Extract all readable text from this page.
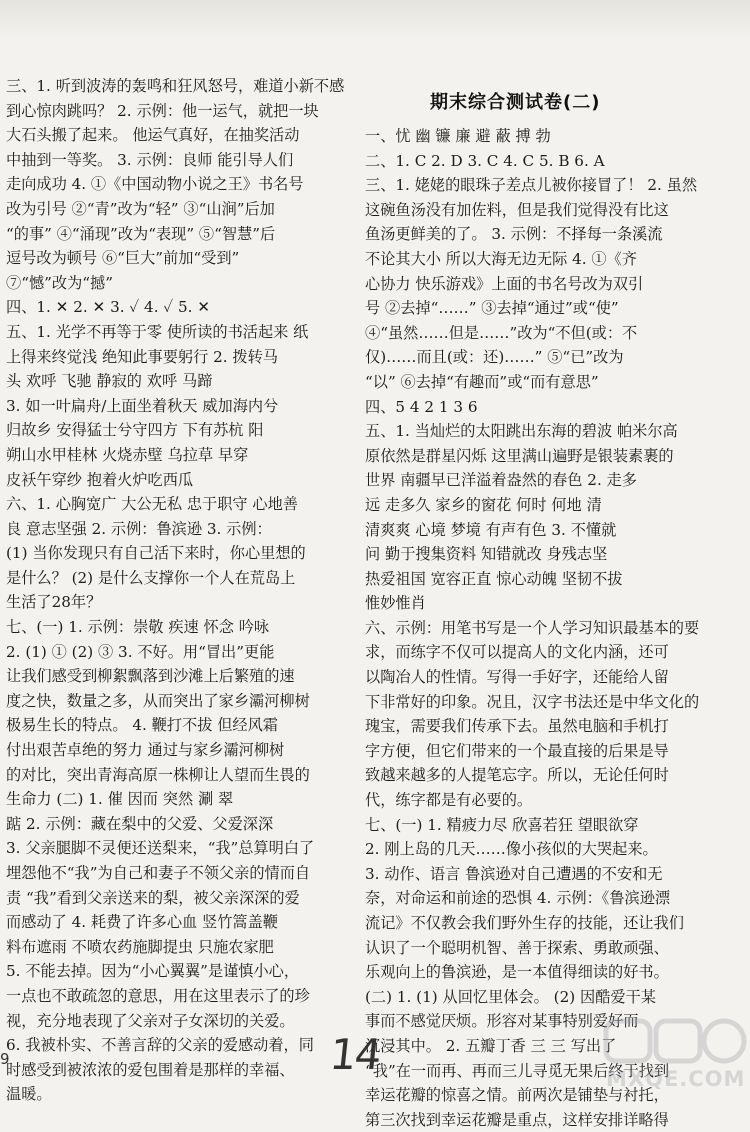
三、1. 听到波涛的轰鸣和狂风怒号，难道小新不感
到心惊肉跳吗？ 2. 示例：他一运气，就把一块
大石头搬了起来。 他运气真好，在抽奖活动
中抽到一等奖。 3. 示例：良师 能引导人们
走向成功 4. ①《中国动物小说之王》书名号
改为引号 ②“青”改为“轻” ③“山涧”后加
“的事” ④“涌现”改为“表现” ⑤“智慧”后
逗号改为顿号 ⑥“巨大”前加“受到”
⑦“憾”改为“撼”
四、1. ✕ 2. ✕ 3. ✓ 4. ✓ 5. ✕
五、1. 光学不再等于零 使所读的书活起来 纸
上得来终觉浅 绝知此事要躬行 2. 拨转马
头 欢呼 飞驰 静寂的 欢呼 马蹄
3. 如一叶扁舟/上面坐着秋天 威加海内兮
归故乡 安得猛士兮守四方 下有苏杭 阳
朔山水甲桂林 火烧赤壁 乌拉草 早穿
皮袄午穿纱 抱着火炉吃西瓜
六、1. 心胸宽广 大公无私 忠于职守 心地善
良 意志坚强 2. 示例：鲁滨逊 3. 示例：
(1) 当你发现只有自己活下来时，你心里想的
是什么？ (2) 是什么支撑你一个人在荒岛上
生活了28年？
七、(一) 1. 示例：崇敬 疾速 怀念 吟咏
2. (1) ① (2) ③ 3. 不好。用“冒出”更能
让我们感受到柳絮飘落到沙滩上后繁殖的速
度之快，数量之多，从而突出了家乡灞河柳树
极易生长的特点。 4. 鞭打不拔 但经风霜
付出艰苦卓绝的努力 通过与家乡灞河柳树
的对比，突出青海高原一株柳让人望而生畏的
生命力 (二) 1. 催 因而 突然 涮 翠
踮 2. 示例：藏在梨中的父爱、父爱深深
3. 父亲腿脚不灵便还送梨来，“我”总算明白了
埋怨他不“我”为自己和妻子不领父亲的情而自
责 “我”看到父亲送来的梨，被父亲深深的爱
而感动了 4. 耗费了许多心血 竖竹篙盖鞭
料布遮雨 不喷农药施脚提虫 只施农家肥
5. 不能去掉。因为“小心翼翼”是谨慎小心，
一点也不敢疏忽的意思，用在这里表示了的珍
视，充分地表现了父亲对子女深切的关爱。
6. 我被朴实、不善言辞的父亲的爱感动着，同
时感受到被浓浓的爱包围着是那样的幸福、
温暖。
期末综合测试卷(二)
一、忧 幽 镰 廉 避 蔽 搏 勃
二、1. C 2. D 3. C 4. C 5. B 6. A
三、1. 姥姥的眼珠子差点儿被你接冒了！ 2. 虽然
这碗鱼汤没有加佐料，但是我们觉得没有比这
鱼汤更鲜美的了。 3. 示例：不择每一条溪流
不论其大小 所以大海无边无际 4. ①《齐
心协力 快乐游戏》上面的书名号改为双引
号 ②去掉“……” ③去掉“通过”或“使”
④“虽然……但是……”改为“不但(或：不
仅)……而且(或：还)……” ⑤“已”改为
“以” ⑥去掉“有趣而”或“而有意思”
四、5 4 2 1 3 6
五、1. 当灿烂的太阳跳出东海的碧波 帕米尔高
原依然是群星闪烁 这里满山遍野是银装素裹的
世界 南疆早已洋溢着盎然的春色 2. 走多
远 走多久 家乡的窗花 何时 何地 清
清爽爽 心境 梦境 有声有色 3. 不懂就
问 勤于搜集资料 知错就改 身残志坚
热爱祖国 宽容正直 惊心动魄 坚韧不拔
惟妙惟肖
六、示例：用笔书写是一个人学习知识最基本的要
求，而练字不仅可以提高人的文化内涵，还可
以陶冶人的性情。写得一手好字，还能给人留
下非常好的印象。况且，汉字书法还是中华文化的
瑰宝，需要我们传承下去。虽然电脑和手机打
字方便，但它们带来的一个最直接的后果是导
致越来越多的人提笔忘字。所以，无论任何时
代，练字都是有必要的。
七、(一) 1. 精疲力尽 欣喜若狂 望眼欲穿
2. 刚上岛的几天……像小孩似的大哭起来。
3. 动作、语言 鲁滨逊对自己遭遇的不安和无
奈，对命运和前途的恐惧 4. 示例：《鲁滨逊漂
流记》不仅教会我们野外生存的技能，还让我们
认识了一个聪明机智、善于探索、勇敢顽强、
乐观向上的鲁滨逊，是一本值得细读的好书。
(二) 1. (1) 从回忆里体会。 (2) 因酷爱干某
事而不感觉厌烦。形容对某事特别爱好而
沉浸其中。 2. 五瓣丁香 三 三 写出了
“我”在一而再、再而三儿寻觅无果后终于找到
幸运花瓣的惊喜之情。前两次是铺垫与衬托，
第三次找到幸运花瓣是重点，这样安排详略得
9	14	MXQE.COM
